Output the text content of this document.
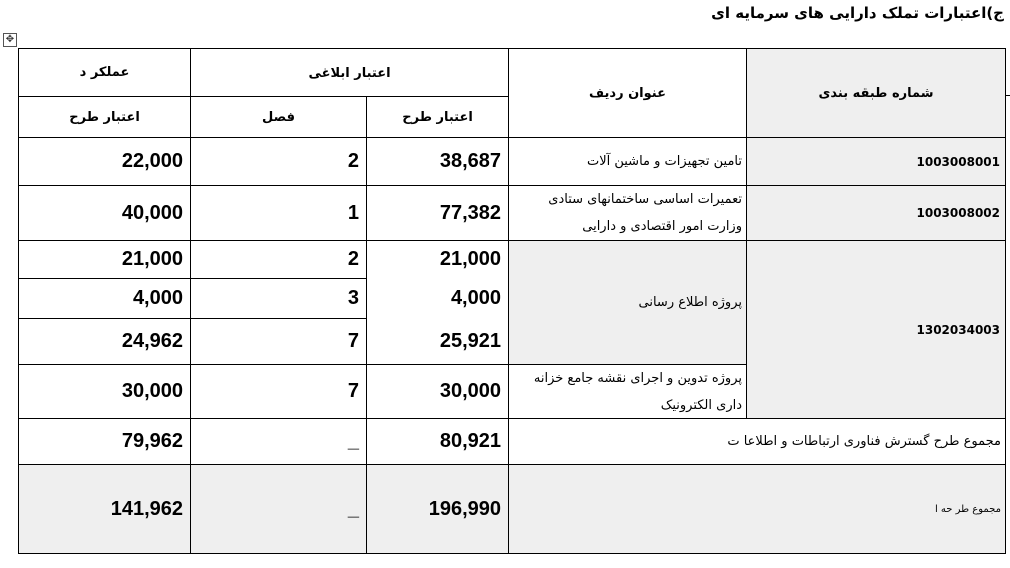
ج)اعتبارات تملک دارایی های سرمایه ای
✥
شماره طبقه بندی
عنوان ردیف
اعتبار ابلاغی
اعتبار طرح
فصل
عملکر د
اعتبار طرح
1003008001
تامین تجهیزات و ماشین آلات
38,687
2
22,000
1003008002
تعمیرات اساسی ساختمانهای ستادی وزارت امور اقتصادی و دارایی
77,382
1
40,000
1302034003
پروژه اطلاع رسانی
21,000
2
21,000
4,000
3
4,000
25,921
7
24,962
پروژه تدوین و اجرای نقشه جامع خزانه داری الکترونیک
30,000
7
30,000
مجموع طرح گسترش فناوری ارتباطات و اطلاعا ت
80,921
_
79,962
مجموع طر حه ا
196,990
_
141,962
